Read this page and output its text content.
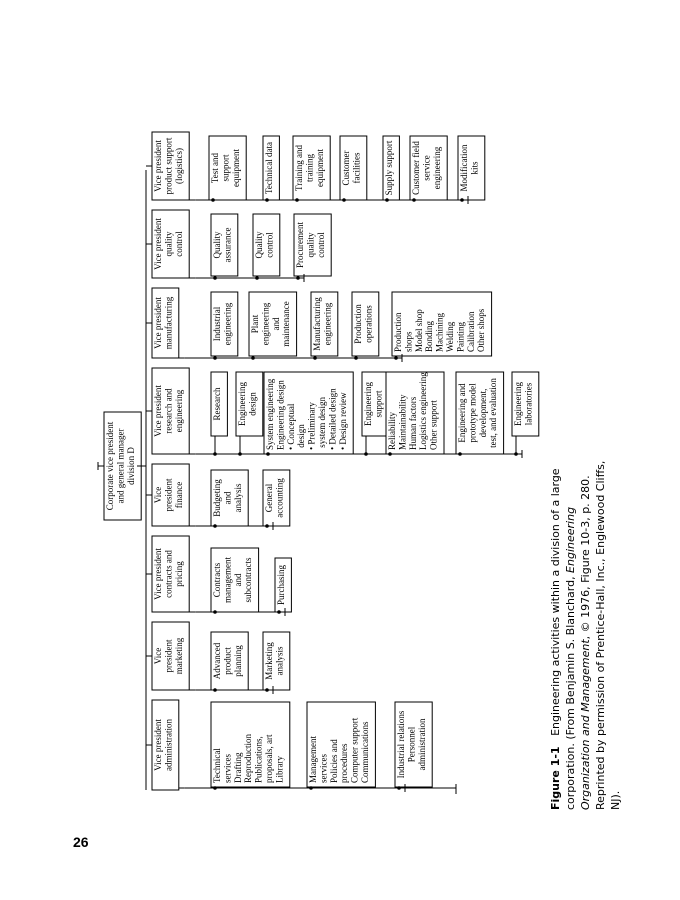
Corporate vice presidentand general managerdivision D
Vice presidentadministration	TechnicalservicesDraftingReproductionPublications,proposals, artLibrary	ManagementservicesPolicies andproceduresComputer supportCommunications	Industrial relationsPersonneladministration
Vicepresidentmarketing	Advancedproductplanning Marketinganalysis
Vice presidentcontracts andpricing	Contractsmanagementandsubcontracts	Purchasing
Vicepresidentfinance	Budgetingandanalysis Generalaccounting
Vice presidentresearch andengineering	Research Engineeringdesign System engineeringEngineering design• Conceptual design• Preliminary system design• Detailed design• Design review Engineeringsupport
ReliabilityMaintainabilityHuman factorsLogistics engineeringOther support Engineering andprototype modeldevelopment,test, and evaluation Engineeringlaboratories
Vice presidentmanufacturing	Industrialengineering Plantengineeringandmaintenance Manufacturingengineering Productionoperations ProductionshopsModel shopBondingMachiningWeldingPaintingCalibrationOther shops
Vice presidentqualitycontrol	Qualityassurance Qualitycontrol Procurementqualitycontrol
Vice presidentproduct support(logistics)	Test andsupportequipment	Technical data Training andtrainingequipment Customerfacilities	Supply support Customer fieldserviceengineering Modificationkits
26
Figure 1-1   Engineering activities within a division of a large corporation. (From Benjamin S. Blanchard, Engineering Organization and Management, © 1976, Figure 10-3, p. 280. Reprinted by permission of Prentice-Hall, Inc., Englewood Cliffs, NJ).
